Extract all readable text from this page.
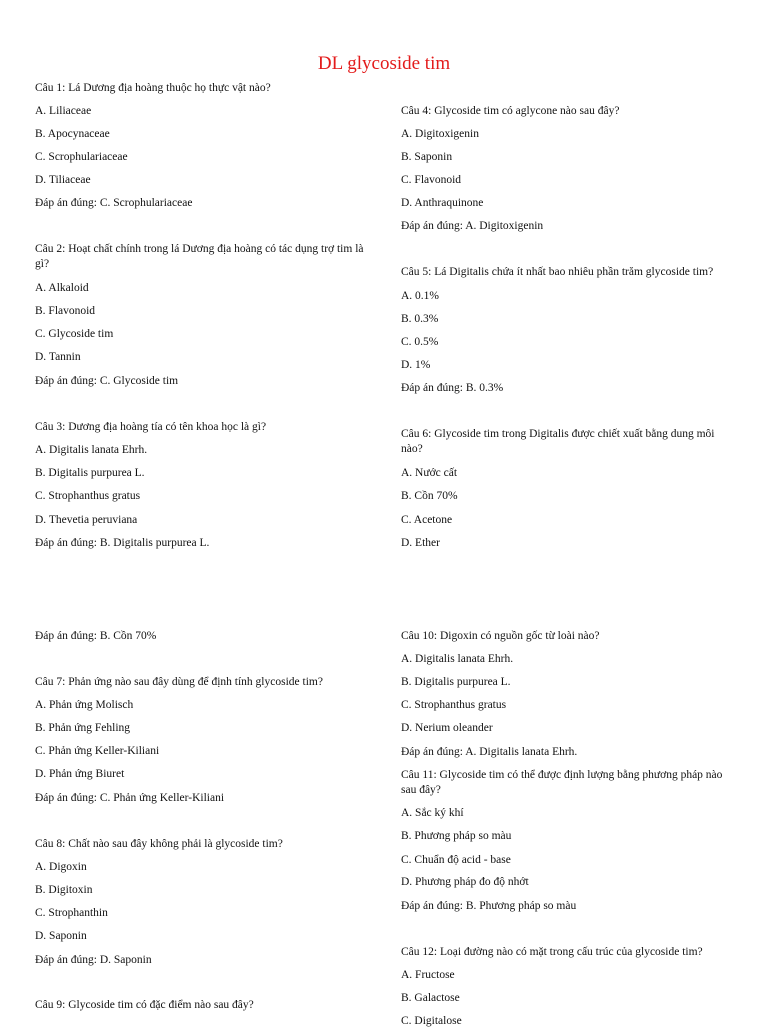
DL glycoside tim
Câu 1: Lá Dương địa hoàng thuộc họ thực vật nào?
A. Liliaceae
B. Apocynaceae
C. Scrophulariaceae
D. Tiliaceae
Đáp án đúng: C. Scrophulariaceae
Câu 2: Hoạt chất chính trong lá Dương địa hoàng có tác dụng trợ tim là gì?
A. Alkaloid
B. Flavonoid
C. Glycoside tim
D. Tannin
Đáp án đúng: C. Glycoside tim
Câu 3: Dương địa hoàng tía có tên khoa học là gì?
A. Digitalis lanata Ehrh.
B. Digitalis purpurea L.
C. Strophanthus gratus
D. Thevetia peruviana
Đáp án đúng: B. Digitalis purpurea L.
Câu 4: Glycoside tim có aglycone nào sau đây?
A. Digitoxigenin
B. Saponin
C. Flavonoid
D. Anthraquinone
Đáp án đúng: A. Digitoxigenin
Câu 5: Lá Digitalis chứa ít nhất bao nhiêu phần trăm glycoside tim?
A. 0.1%
B. 0.3%
C. 0.5%
D. 1%
Đáp án đúng: B. 0.3%
Câu 6: Glycoside tim trong Digitalis được chiết xuất bằng dung môi nào?
A. Nước cất
B. Cồn 70%
C. Acetone
D. Ether
Đáp án đúng: B. Cồn 70%
Câu 7: Phản ứng nào sau đây dùng để định tính glycoside tim?
A. Phản ứng Molisch
B. Phản ứng Fehling
C. Phản ứng Keller-Kiliani
D. Phản ứng Biuret
Đáp án đúng: C. Phản ứng Keller-Kiliani
Câu 8: Chất nào sau đây không phải là glycoside tim?
A. Digoxin
B. Digitoxin
C. Strophanthin
D. Saponin
Đáp án đúng: D. Saponin
Câu 9: Glycoside tim có đặc điểm nào sau đây?
Câu 10: Digoxin có nguồn gốc từ loài nào?
A. Digitalis lanata Ehrh.
B. Digitalis purpurea L.
C. Strophanthus gratus
D. Nerium oleander
Đáp án đúng: A. Digitalis lanata Ehrh.
Câu 11: Glycoside tim có thể được định lượng bằng phương pháp nào sau đây?
A. Sắc ký khí
B. Phương pháp so màu
C. Chuẩn độ acid - base
D. Phương pháp đo độ nhớt
Đáp án đúng: B. Phương pháp so màu
Câu 12: Loại đường nào có mặt trong cấu trúc của glycoside tim?
A. Fructose
B. Galactose
C. Digitalose
